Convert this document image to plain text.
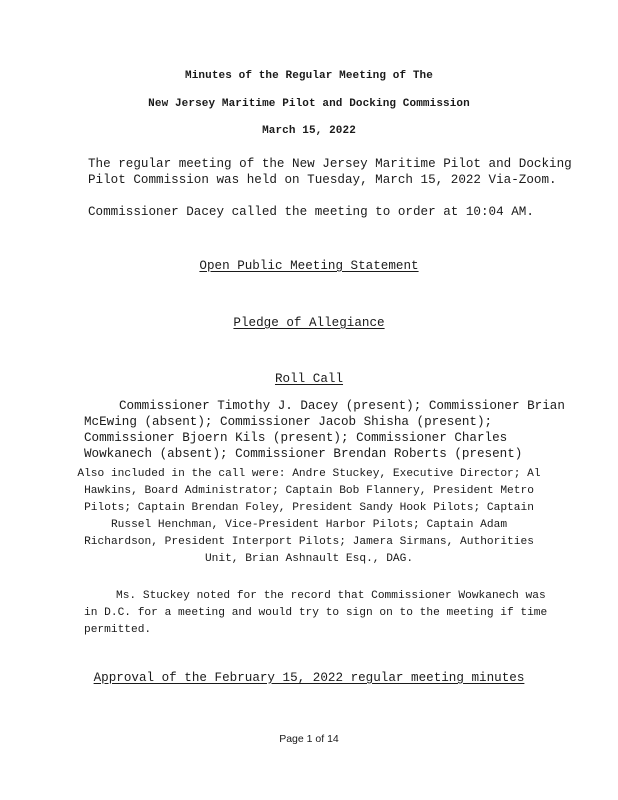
Minutes of the Regular Meeting of The
New Jersey Maritime Pilot and Docking Commission
March 15, 2022
The regular meeting of the New Jersey Maritime Pilot and Docking
Pilot Commission was held on Tuesday, March 15, 2022 Via-Zoom.
Commissioner Dacey called the meeting to order at 10:04 AM.
Open Public Meeting Statement
Pledge of Allegiance
Roll Call
Commissioner Timothy J. Dacey (present); Commissioner Brian
McEwing (absent); Commissioner Jacob Shisha (present);
Commissioner Bjoern Kils (present); Commissioner Charles
Wowkanech (absent); Commissioner Brendan Roberts (present)
Also included in the call were: Andre Stuckey, Executive Director; Al
Hawkins, Board Administrator; Captain Bob Flannery, President Metro
Pilots; Captain Brendan Foley, President Sandy Hook Pilots; Captain
Russel Henchman, Vice-President Harbor Pilots; Captain Adam
Richardson, President Interport Pilots; Jamera Sirmans, Authorities
Unit, Brian Ashnault Esq., DAG.
Ms. Stuckey noted for the record that Commissioner Wowkanech was
in D.C. for a meeting and would try to sign on to the meeting if time
permitted.
Approval of the February 15, 2022 regular meeting minutes
Page 1 of 14
